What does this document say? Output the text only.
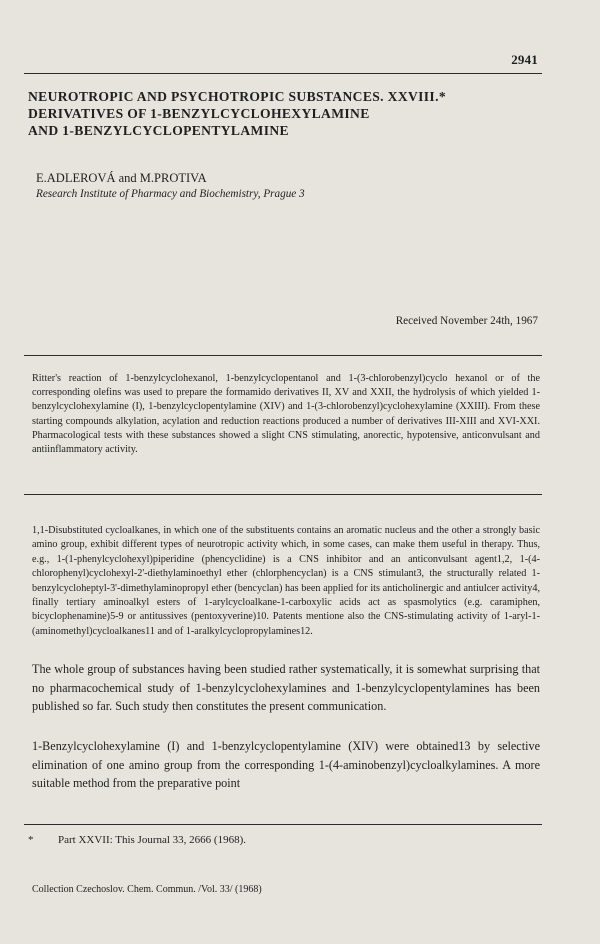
2941
NEUROTROPIC AND PSYCHOTROPIC SUBSTANCES. XXVIII.*
DERIVATIVES OF 1-BENZYLCYCLOHEXYLAMINE
AND 1-BENZYLCYCLOPENTYLAMINE
E.ADLEROVÁ and M.PROTIVA
Research Institute of Pharmacy and Biochemistry, Prague 3
Received November 24th, 1967
Ritter's reaction of 1-benzylcyclohexanol, 1-benzylcyclopentanol and 1-(3-chlorobenzyl)cyclo hexanol or of the corresponding olefins was used to prepare the formamido derivatives II, XV and XXII, the hydrolysis of which yielded 1-benzylcyclohexylamine (I), 1-benzylcyclopentylamine (XIV) and 1-(3-chlorobenzyl)cyclohexylamine (XXIII). From these starting compounds alkylation, acylation and reduction reactions produced a number of derivatives III-XIII and XVI-XXI. Pharmacological tests with these substances showed a slight CNS stimulating, anorectic, hypotensive, anticonvulsant and antiinflammatory activity.
1,1-Disubstituted cycloalkanes, in which one of the substituents contains an aromatic nucleus and the other a strongly basic amino group, exhibit different types of neurotropic activity which, in some cases, can make them useful in therapy. Thus, e.g., 1-(1-phenylcyclohexyl)piperidine (phencyclidine) is a CNS inhibitor and an anticonvulsant agent1,2, 1-(4-chlorophenyl)cyclohexyl-2'-diethylaminoethyl ether (chlorphencyclan) is a CNS stimulant3, the structurally related 1-benzylcycloheptyl-3'-dimethylaminopropyl ether (bencyclan) has been applied for its anticholinergic and antiulcer activity4, finally tertiary aminoalkyl esters of 1-arylcycloalkane-1-carboxylic acids act as spasmolytics (e.g. caramiphen, bicyclophenamine)5-9 or antitussives (pentoxyverine)10. Patents mentione also the CNS-stimulating activity of 1-aryl-1-(aminomethyl)cycloalkanes11 and of 1-aralkylcyclopropylamines12.
The whole group of substances having been studied rather systematically, it is somewhat surprising that no pharmacochemical study of 1-benzylcyclohexylamines and 1-benzylcyclopentylamines has been published so far. Such study then constitutes the present communication.
1-Benzylcyclohexylamine (I) and 1-benzylcyclopentylamine (XIV) were obtained13 by selective elimination of one amino group from the corresponding 1-(4-aminobenzyl)cycloalkylamines. A more suitable method from the preparative point
* Part XXVII: This Journal 33, 2666 (1968).
Collection Czechoslov. Chem. Commun. /Vol. 33/ (1968)
